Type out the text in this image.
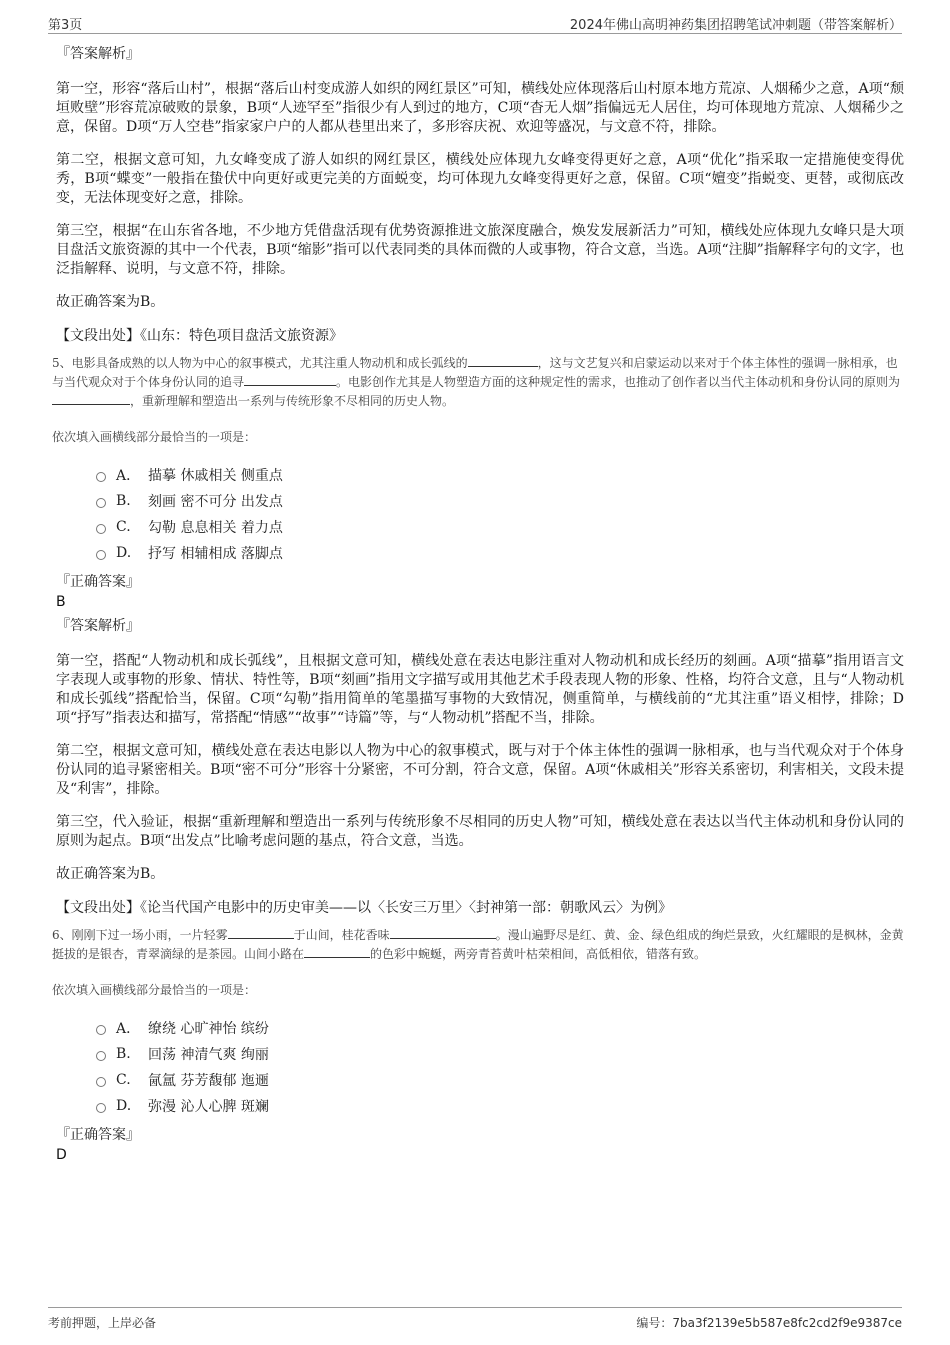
第3页	2024年佛山高明神药集团招聘笔试冲刺题（带答案解析）
『答案解析』

第一空，形容“落后山村”，根据“落后山村变成游人如织的网红景区”可知，横线处应体现落后山村原本地方荒凉、人烟稀少之意，A项“颓垣败壁”形容荒凉破败的景象，B项“人迹罕至”指很少有人到过的地方，C项“杳无人烟”指偏远无人居住，均可体现地方荒凉、人烟稀少之意，保留。D项“万人空巷”指家家户户的人都从巷里出来了，多形容庆祝、欢迎等盛况，与文意不符，排除。

第二空，根据文意可知，九女峰变成了游人如织的网红景区，横线处应体现九女峰变得更好之意，A项“优化”指采取一定措施使变得优秀，B项“蝶变”一般指在蛰伏中向更好或更完美的方面蜕变，均可体现九女峰变得更好之意，保留。C项“嬗变”指蜕变、更替，或彻底改变，无法体现变好之意，排除。

第三空，根据“在山东省各地，不少地方凭借盘活现有优势资源推进文旅深度融合，焕发发展新活力”可知，横线处应体现九女峰只是大项目盘活文旅资源的其中一个代表，B项“缩影”指可以代表同类的具体而微的人或事物，符合文意，当选。A项“注脚”指解释字句的文字，也泛指解释、说明，与文意不符，排除。

故正确答案为B。

【文段出处】《山东：特色项目盘活文旅资源》

5、电影具备成熟的以人物为中心的叙事模式，尤其注重人物动机和成长弧线的	，这与文艺复兴和启蒙运动以来对于个体主体性的强调一脉相承，也与当代观众对于个体身份认同的追寻	。电影创作尤其是人物塑造方面的这种规定性的需求，也推动了创作者以当代主体动机和身份认同的原则为，重新理解和塑造出一系列与传统形象不尽相同的历史人物。

依次填入画横线部分最恰当的一项是：

A． 描摹 休戚相关 侧重点
B.	刻画 密不可分 出发点
C.	勾勒 息息相关 着力点
D.	抒写 相辅相成 落脚点
『正确答案』
B
『答案解析』

第一空，搭配“人物动机和成长弧线”，且根据文意可知，横线处意在表达电影注重对人物动机和成长经历的刻画。A项“描摹”指用语言文字表现人或事物的形象、情状、特性等，B项“刻画”指用文字描写或用其他艺术手段表现人物的形象、性格，均符合文意，且与“人物动机和成长弧线”搭配恰当，保留。C项“勾勒”指用简单的笔墨描写事物的大致情况，侧重简单，与横线前的“尤其注重”语义相悖，排除；D项“抒写”指表达和描写，常搭配“情感”“故事”“诗篇”等，与“人物动机”搭配不当，排除。

第二空，根据文意可知，横线处意在表达电影以人物为中心的叙事模式，既与对于个体主体性的强调一脉相承，也与当代观众对于个体身份认同的追寻紧密相关。B项“密不可分”形容十分紧密，不可分割，符合文意，保留。A项“休戚相关”形容关系密切，利害相关，文段未提及“利害”，排除。

第三空，代入验证，根据“重新理解和塑造出一系列与传统形象不尽相同的历史人物”可知，横线处意在表达以当代主体动机和身份认同的原则为起点。B项“出发点”比喻考虑问题的基点，符合文意，当选。

故正确答案为B。

【文段出处】《论当代国产电影中的历史审美——以〈长安三万里〉〈封神第一部：朝歌风云〉为例》

6、刚刚下过一场小雨，一片轻雾	于山间，桂花香味	。漫山遍野尽是红、黄、金、绿色组成的绚烂景致，火红耀眼的是枫林，金黄挺拔的是银杏，青翠滴绿的是茶园。山间小路在	的色彩中蜿蜒，两旁青苔黄叶枯荣相间，高低相依，错落有致。

依次填入画横线部分最恰当的一项是：

A． 缭绕 心旷神怡 缤纷
B.	回荡 神清气爽 绚丽
C.	氤氲 芬芳馥郁 迤逦
D.	弥漫 沁人心脾 斑斓
『正确答案』
D
考前押题，上岸必备	编号：7ba3f2139e5b587e8fc2cd2f9e9387ce
